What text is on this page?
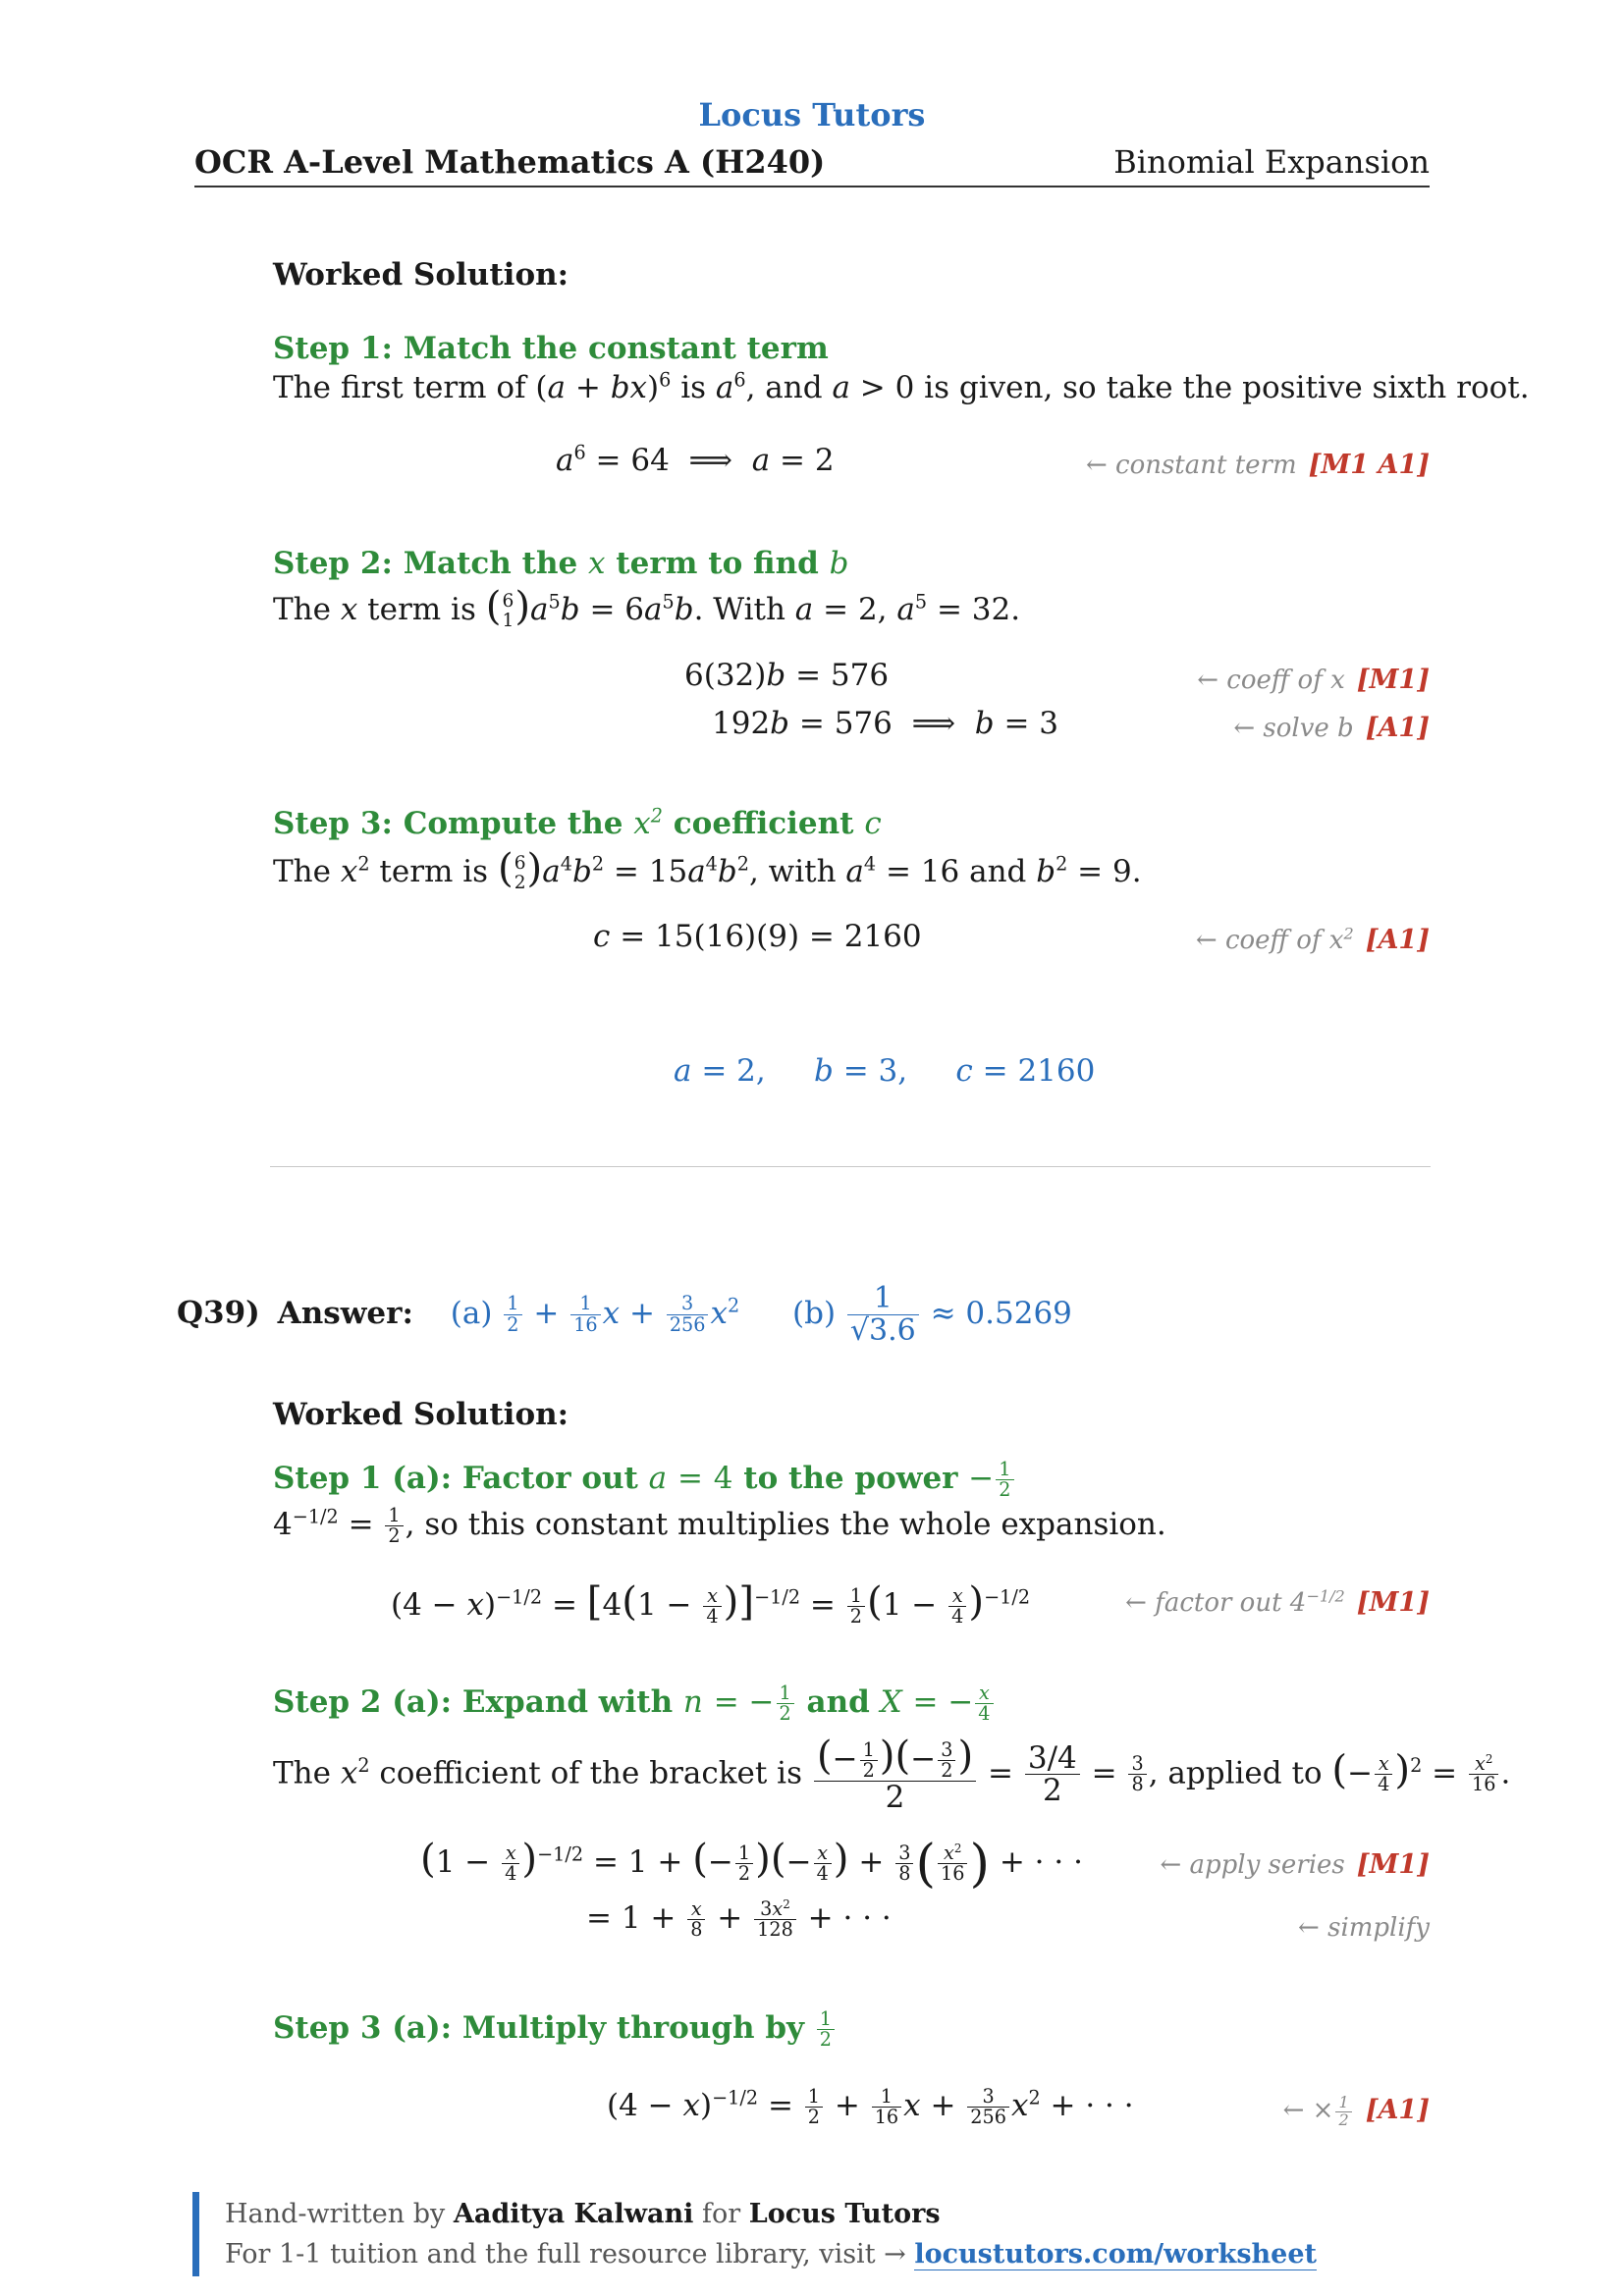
Locus Tutors
OCR A-Level Mathematics A (H240)	Binomial Expansion
Worked Solution:
Step 1: Match the constant term
The first term of (a + bx)$^6$ is $a^6$, and a > 0 is given, so take the positive sixth root.
$a^6 = 64$  ⟹  a = 2	← constant term [M1 A1]
Step 2: Match the x term to find b
The x term is ( 6
1 )$a^5b = 6a^5b$. With a = 2, $a^5 = 32$.
6(32)b = 576
192b = 576  ⟹  b = 3
← coeff of x [M1]
← solve b [A1]
Step 3: Compute the $x^2$ coefficient c
The $x^2$ term is ( 6
2 )$a^4b^2 = 15a^4b^2$, with $a^4 = 16$ and $b^2 = 9$.
c = 15(16)(9) = 2160	← coeff of $x^2$ [A1]
a = 2,     b = 3,     c = 2160
Q39) Answer: $(a) \frac{1}{2} + \frac{1}{16}$ $x + \frac{3}{256} x^2$ $(b) \frac{1}{√3.6} \approx 0.5269$
Worked Solution:
Step 1 (a): Factor out a = 4 to the power − $\frac{1}{2}$
$4^{-1/2} = \frac{1}{2}$ , so this constant multiplies the whole expansion.
$(4 - x)^{-1/2} = [4(1 - \frac{x}{4} )]^{-1/2} = \frac{1}{2} (1 - \frac{x}{4} )^{-1/2}$	← factor out $4^{-1/2}$ [M1]
Step 2 (a): Expand with n = − $\frac{1}{2}$ and X = − $\frac{x}{4}$
The $x^2$ coefficient of the bracket is $\frac{(- \frac{1}{2} )(- \frac{3}{2} )}{2} = \frac{3/4}{2} = \frac{3}{8}$ , applied to (− $\frac{x}{4} )^2 = \frac{x^2}{16}$ .
$(1 - \frac{x}{4} )^{-1/2} = 1$ + (− $\frac{1}{2}$ )(− $\frac{x}{4}$ ) + $\frac{3}{8}$ ( $\frac{x^2}{16}$ ) + · · ·
= $1 + \frac{x}{8} + \frac{3x^2}{128}$ + · · ·
← apply series [M1]
← simplify
Step 3 (a): Multiply through by $\frac{1}{2}$
$(4 - x)^{-1/2} = \frac{1}{2} + \frac{1}{16}$ $x + \frac{3}{256} x^2$ + · · ·	← × $\frac{1}{2} [A1]$
Hand-written by Aaditya Kalwani for Locus Tutors
For 1-1 tuition and the full resource library, visit → locustutors.com/worksheet
